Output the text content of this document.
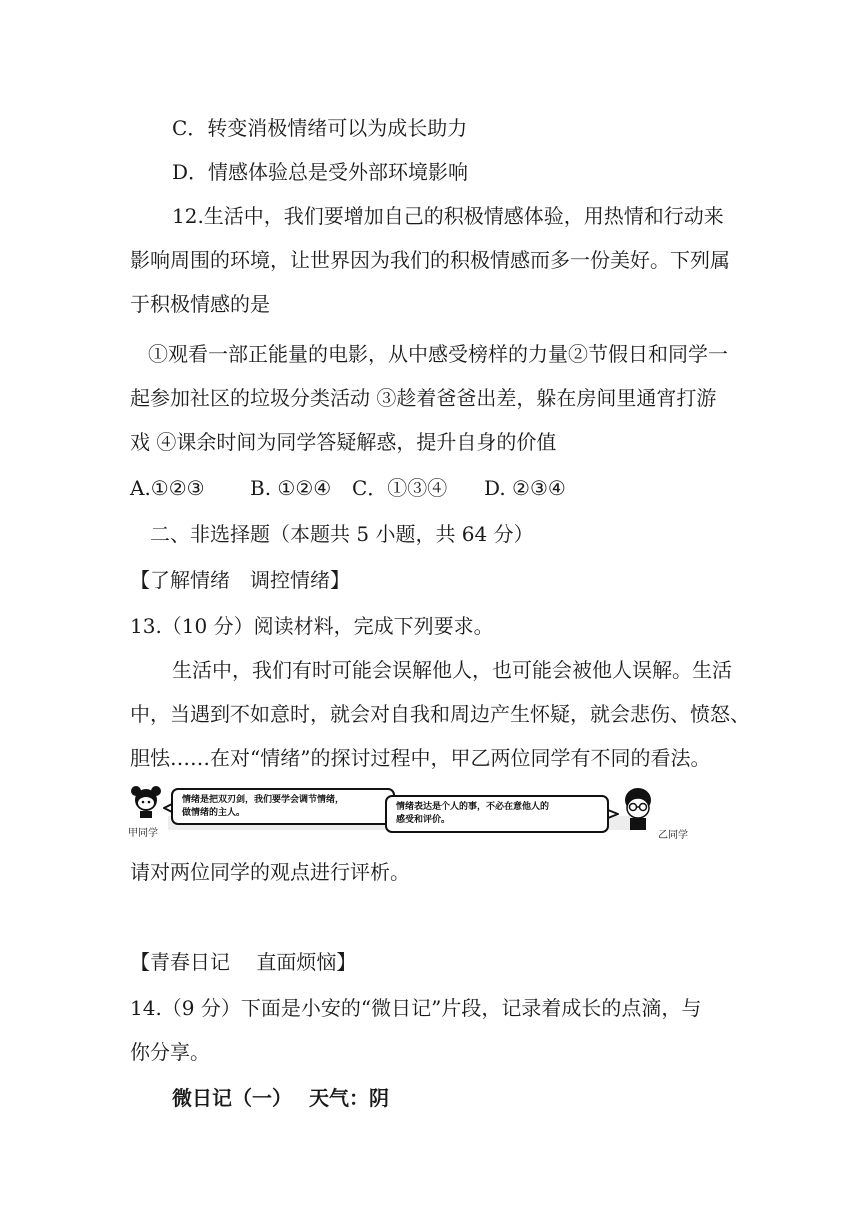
C．转变消极情绪可以为成长助力
D．情感体验总是受外部环境影响
12.生活中，我们要增加自己的积极情感体验，用热情和行动来
影响周围的环境，让世界因为我们的积极情感而多一份美好。下列属
于积极情感的是
①观看一部正能量的电影，从中感受榜样的力量②节假日和同学一
起参加社区的垃圾分类活动 ③趁着爸爸出差，躲在房间里通宵打游
戏 ④课余时间为同学答疑解惑，提升自身的价值
A.①②③ B. ①②④ C．①③④ D. ②③④
二、非选择题（本题共 5 小题，共 64 分）
【了解情绪　调控情绪】
13.（10 分）阅读材料，完成下列要求。
生活中，我们有时可能会误解他人，也可能会被他人误解。生活
中，当遇到不如意时，就会对自我和周边产生怀疑，就会悲伤、愤怒、
胆怯……在对“情绪”的探讨过程中，甲乙两位同学有不同的看法。
情绪是把双刃剑，我们要学会调节情绪，
做情绪的主人。
情绪表达是个人的事，不必在意他人的
感受和评价。
甲同学	乙同学
请对两位同学的观点进行评析。
【青春日记　 直面烦恼】
14.（9 分）下面是小安的“微日记”片段，记录着成长的点滴，与
你分享。
微日记（一）　 天气：阴
